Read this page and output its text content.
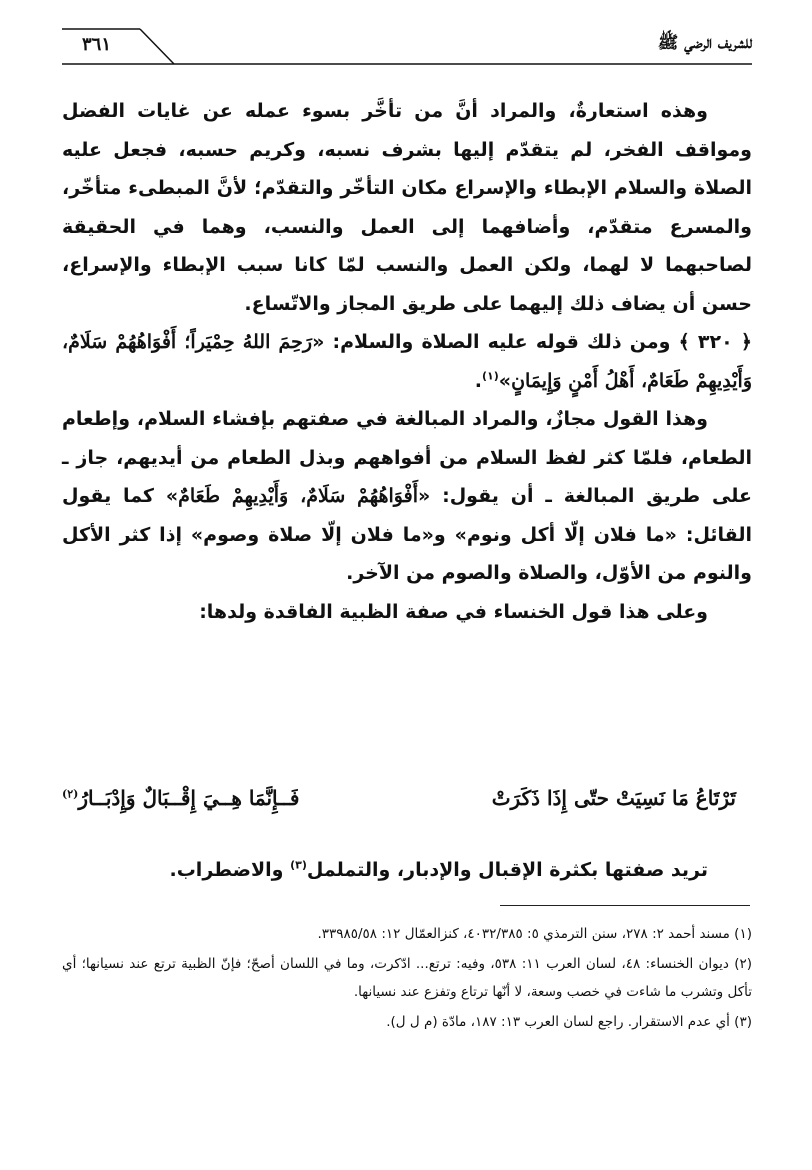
للشريف الرضي ﷺ
٣٦١

وهذه استعارةٌ، والمراد أنَّ من تأخَّر بسوء عمله عن غايات الفضل ومواقف الفخر، لم يتقدّم إليها بشرف نسبه، وكريم حسبه، فجعل عليه الصلاة والسلام الإبطاء والإسراع مكان التأخّر والتقدّم؛ لأنَّ المبطىء متأخّر، والمسرع متقدّم، وأضافهما إلى العمل والنسب، وهما في الحقيقة لصاحبهما لا لهما، ولكن العمل والنسب لمّا كانا سبب الإبطاء والإسراع، حسن أن يضاف ذلك إليهما على طريق المجاز والاتّساع.

﴿ ٣٢٠ ﴾ ومن ذلك قوله عليه الصلاة والسلام: «رَحِمَ اللهُ حِمْيَراً؛ أَفْوَاهُهُمْ سَلَامٌ، وَأَيْدِيهِمْ طَعَامٌ، أَهْلُ أَمْنٍ وَإِيمَانٍ»$^{(١)}$.

وهذا القول مجازٌ، والمراد المبالغة في صفتهم بإفشاء السلام، وإطعام الطعام، فلمّا كثر لفظ السلام من أفواههم وبذل الطعام من أيديهم، جاز ـ على طريق المبالغة ـ أن يقول: «أَفْوَاهُهُمْ سَلَامٌ، وَأَيْدِيهِمْ طَعَامٌ» كما يقول القائل: «ما فلان إلّا أكل ونوم» و«ما فلان إلّا صلاة وصوم» إذا كثر الأكل والنوم من الأوّل، والصلاة والصوم من الآخر.

وعلى هذا قول الخنساء في صفة الظبية الفاقدة ولدها:

تَرْتَاعُ مَا نَسِيَتْ حتّى إِذَا ذَكَرَتْ
فَــإِنَّمَا هِــيَ إِقْــبَالٌ وَإِدْبَــارُ$^{(٢)}$

تريد صفتها بكثرة الإقبال والإدبار، والتململ$^{(٣)}$ والاضطراب.

(١) مسند أحمد ٢: ٢٧٨، سنن الترمذي ٥: ٤٠٣٢/٣٨٥، كنزالعمّال ١٢: ٣٣٩٨٥/٥٨.

(٢) ديوان الخنساء: ٤٨، لسان العرب ١١: ٥٣٨، وفيه: ترتع... ادّكرت، وما في اللسان أصحّ؛ فإنّ الظبية ترتع عند نسيانها؛ أي تأكل وتشرب ما شاءت في خصب وسعة، لا أنّها ترتاع وتفزع عند نسيانها.

(٣) أي عدم الاستقرار. راجع لسان العرب ١٣: ١٨٧، مادّة (م ل ل).
